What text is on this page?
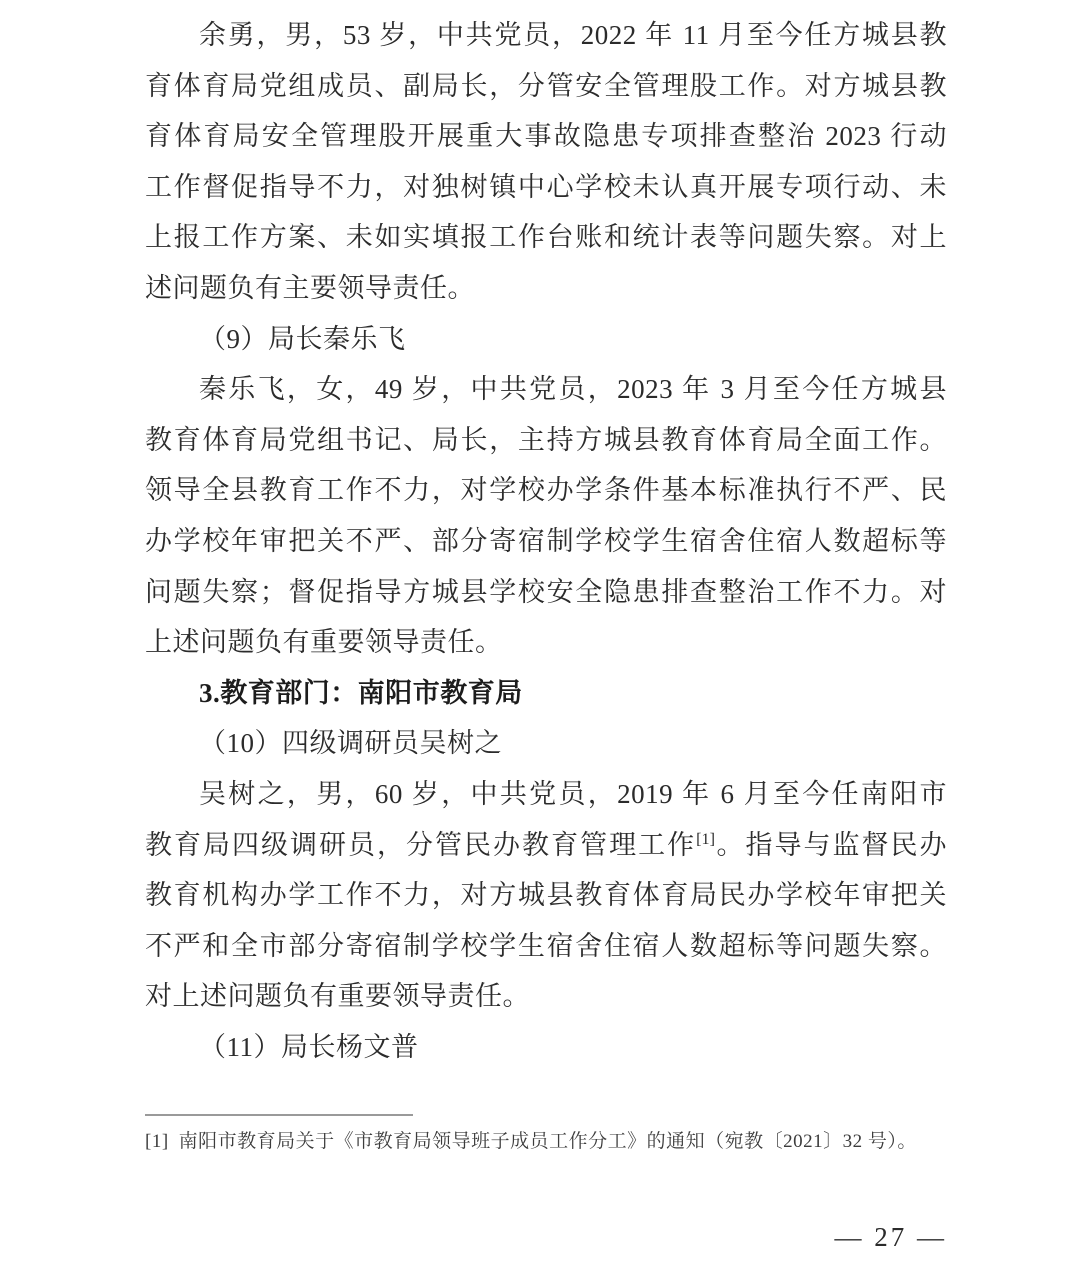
余勇，男，53 岁，中共党员，2022 年 11 月至今任方城县教
育体育局党组成员、副局长，分管安全管理股工作。对方城县教
育体育局安全管理股开展重大事故隐患专项排查整治 2023 行动
工作督促指导不力，对独树镇中心学校未认真开展专项行动、未
上报工作方案、未如实填报工作台账和统计表等问题失察。对上
述问题负有主要领导责任。
（9）局长秦乐飞
秦乐飞，女，49 岁，中共党员，2023 年 3 月至今任方城县
教育体育局党组书记、局长，主持方城县教育体育局全面工作。
领导全县教育工作不力，对学校办学条件基本标准执行不严、民
办学校年审把关不严、部分寄宿制学校学生宿舍住宿人数超标等
问题失察；督促指导方城县学校安全隐患排查整治工作不力。对
上述问题负有重要领导责任。
3.教育部门：南阳市教育局
（10）四级调研员吴树之
吴树之，男，60 岁，中共党员，2019 年 6 月至今任南阳市
教育局四级调研员，分管民办教育管理工作[1]。指导与监督民办
教育机构办学工作不力，对方城县教育体育局民办学校年审把关
不严和全市部分寄宿制学校学生宿舍住宿人数超标等问题失察。
对上述问题负有重要领导责任。
（11）局长杨文普
[1] 南阳市教育局关于《市教育局领导班子成员工作分工》的通知（宛教〔2021〕32 号）。
— 27 —
